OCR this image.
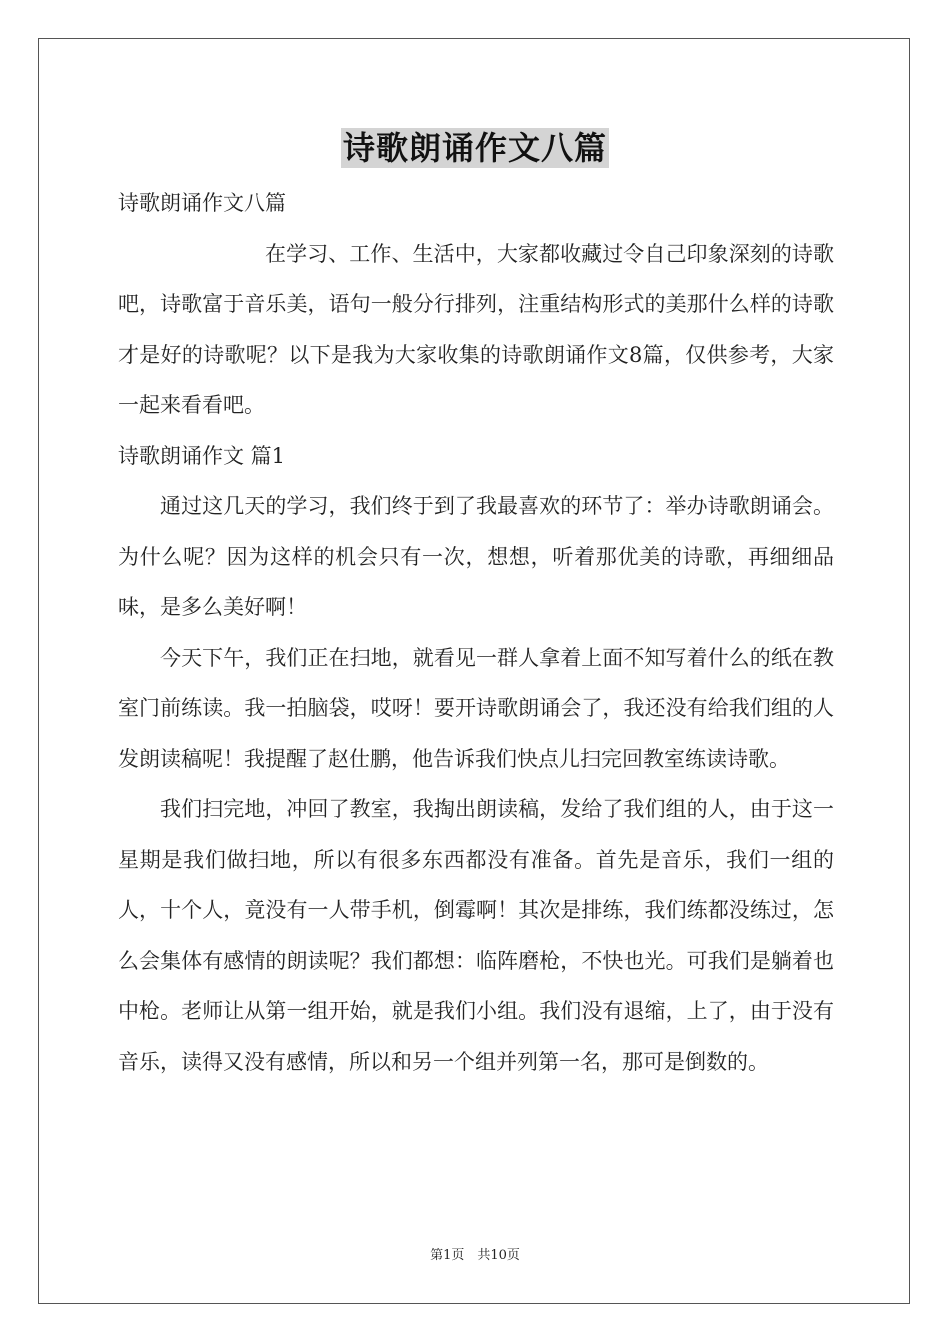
诗歌朗诵作文八篇

诗歌朗诵作文八篇

在学习、工作、生活中，大家都收藏过令自己印象深刻的诗歌吧，诗歌富于音乐美，语句一般分行排列，注重结构形式的美那什么样的诗歌才是好的诗歌呢？以下是我为大家收集的诗歌朗诵作文8篇，仅供参考，大家一起来看看吧。

诗歌朗诵作文 篇1

通过这几天的学习，我们终于到了我最喜欢的环节了：举办诗歌朗诵会。为什么呢？因为这样的机会只有一次，想想，听着那优美的诗歌，再细细品味，是多么美好啊！

今天下午，我们正在扫地，就看见一群人拿着上面不知写着什么的纸在教室门前练读。我一拍脑袋，哎呀！要开诗歌朗诵会了，我还没有给我们组的人发朗读稿呢！我提醒了赵仕鹏，他告诉我们快点儿扫完回教室练读诗歌。

我们扫完地，冲回了教室，我掏出朗读稿，发给了我们组的人，由于这一星期是我们做扫地，所以有很多东西都没有准备。首先是音乐，我们一组的人，十个人，竟没有一人带手机，倒霉啊！其次是排练，我们练都没练过，怎么会集体有感情的朗读呢？我们都想：临阵磨枪，不快也光。可我们是躺着也中枪。老师让从第一组开始，就是我们小组。我们没有退缩，上了，由于没有音乐，读得又没有感情，所以和另一个组并列第一名，那可是倒数的。

第1页　共10页
